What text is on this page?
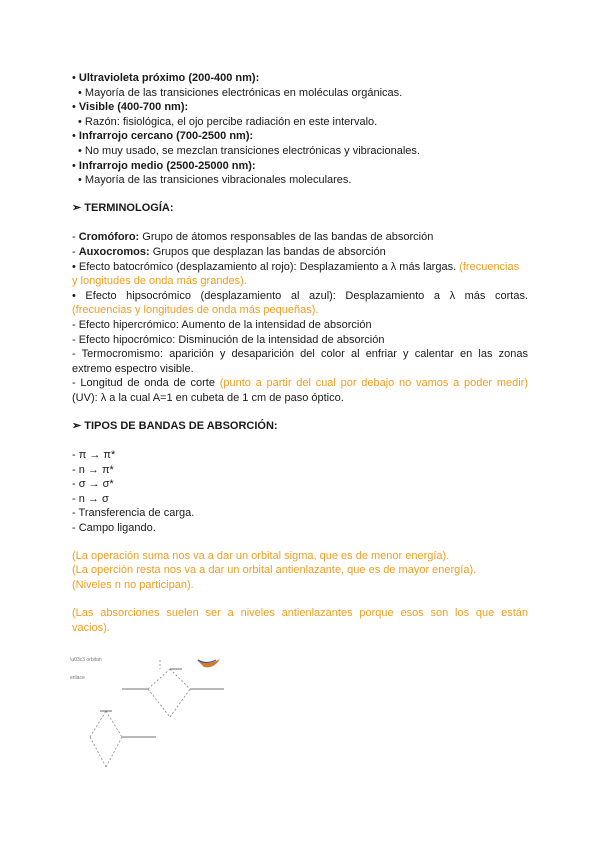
• Ultravioleta próximo (200-400 nm):
• Mayoría de las transiciones electrónicas en moléculas orgánicas.
• Visible (400-700 nm):
• Razón: fisiológica, el ojo percibe radiación en este intervalo.
• Infrarrojo cercano (700-2500 nm):
• No muy usado, se mezclan transiciones electrónicas y vibracionales.
• Infrarrojo medio (2500-25000 nm):
• Mayoría de las transiciones vibracionales moleculares.
➢ TERMINOLOGÍA:
- Cromóforo: Grupo de átomos responsables de las bandas de absorción
- Auxocromos: Grupos que desplazan las bandas de absorción
• Efecto batocrómico (desplazamiento al rojo): Desplazamiento a λ más largas. (frecuencias
y longitudes de onda más grandes).
• Efecto hipsocrómico (desplazamiento al azul): Desplazamiento a λ más cortas.
(frecuencias y longitudes de onda más pequeñas).
- Efecto hipercrómico: Aumento de la intensidad de absorción
- Efecto hipocrómico: Disminución de la intensidad de absorción
- Termocromismo: aparición y desaparición del color al enfriar y calentar en las zonas
extremo espectro visible.
- Longitud de onda de corte (punto a partir del cual por debajo no vamos a poder medir)
(UV): λ a la cual A=1 en cubeta de 1 cm de paso óptico.
➢ TIPOS DE BANDAS DE ABSORCIÓN:
- π → π*
- n → π*
- σ → σ*
- n → σ
- Transferencia de carga.
- Campo ligando.
(La operación suma nos va a dar un orbital sigma, que es de menor energía).
(La operción resta nos va a dar un orbital antienlazante, que es de mayor energía).
(Niveles n no participan).
(Las absorciones suelen ser a niveles antienlazantes porque esos son los que están
vacios).
\u03c3 orbitan
enlace
